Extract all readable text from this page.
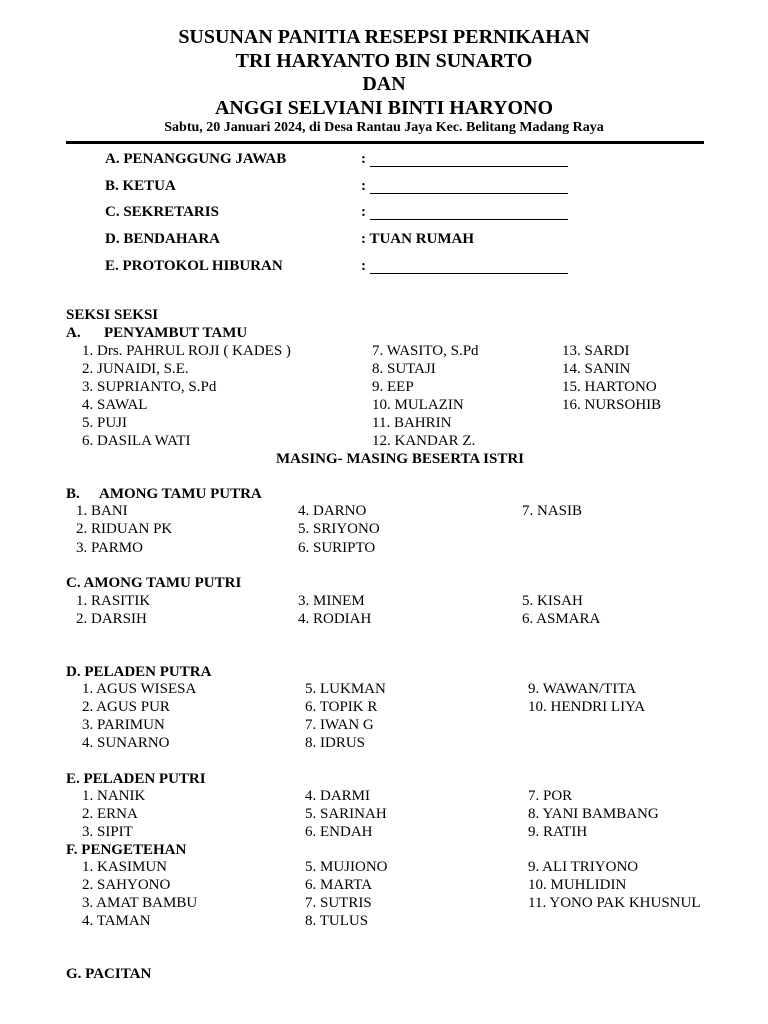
SUSUNAN PANITIA RESEPSI PERNIKAHAN
TRI HARYANTO BIN SUNARTO
DAN
ANGGI SELVIANI BINTI HARYONO
Sabtu, 20 Januari 2024, di Desa Rantau Jaya Kec. Belitang Madang Raya
A. PENANGGUNG JAWAB	:
B. KETUA	:
C. SEKRETARIS	:
D. BENDAHARA	: TUAN RUMAH
E. PROTOKOL HIBURAN	:
SEKSI SEKSI
A. PENYAMBUT TAMU
1. Drs. PAHRUL ROJI ( KADES )
2. JUNAIDI, S.E.
3. SUPRIANTO, S.Pd
4. SAWAL
5. PUJI
6. DASILA WATI
7. WASITO, S.Pd
8. SUTAJI
9. EEP
10. MULAZIN
11. BAHRIN
12. KANDAR Z.
13. SARDI
14. SANIN
15. HARTONO
16. NURSOHIB
MASING- MASING BESERTA ISTRI
B. AMONG TAMU PUTRA
1. BANI
2. RIDUAN PK
3. PARMO
4. DARNO
5. SRIYONO
6. SURIPTO
7. NASIB
C. AMONG TAMU PUTRI
1. RASITIK
2. DARSIH
3. MINEM
4. RODIAH
5. KISAH
6. ASMARA
D. PELADEN PUTRA
1. AGUS WISESA
2. AGUS PUR
3. PARIMUN
4. SUNARNO
5. LUKMAN
6. TOPIK R
7. IWAN G
8. IDRUS
9. WAWAN/TITA
10. HENDRI LIYA
E. PELADEN PUTRI
1. NANIK
2. ERNA
3. SIPIT
4. DARMI
5. SARINAH
6. ENDAH
7. POR
8. YANI BAMBANG
9. RATIH
F. PENGETEHAN
1. KASIMUN
2. SAHYONO
3. AMAT BAMBU
4. TAMAN
5. MUJIONO
6. MARTA
7. SUTRIS
8. TULUS
9. ALI TRIYONO
10. MUHLIDIN
11. YONO PAK KHUSNUL
G. PACITAN
